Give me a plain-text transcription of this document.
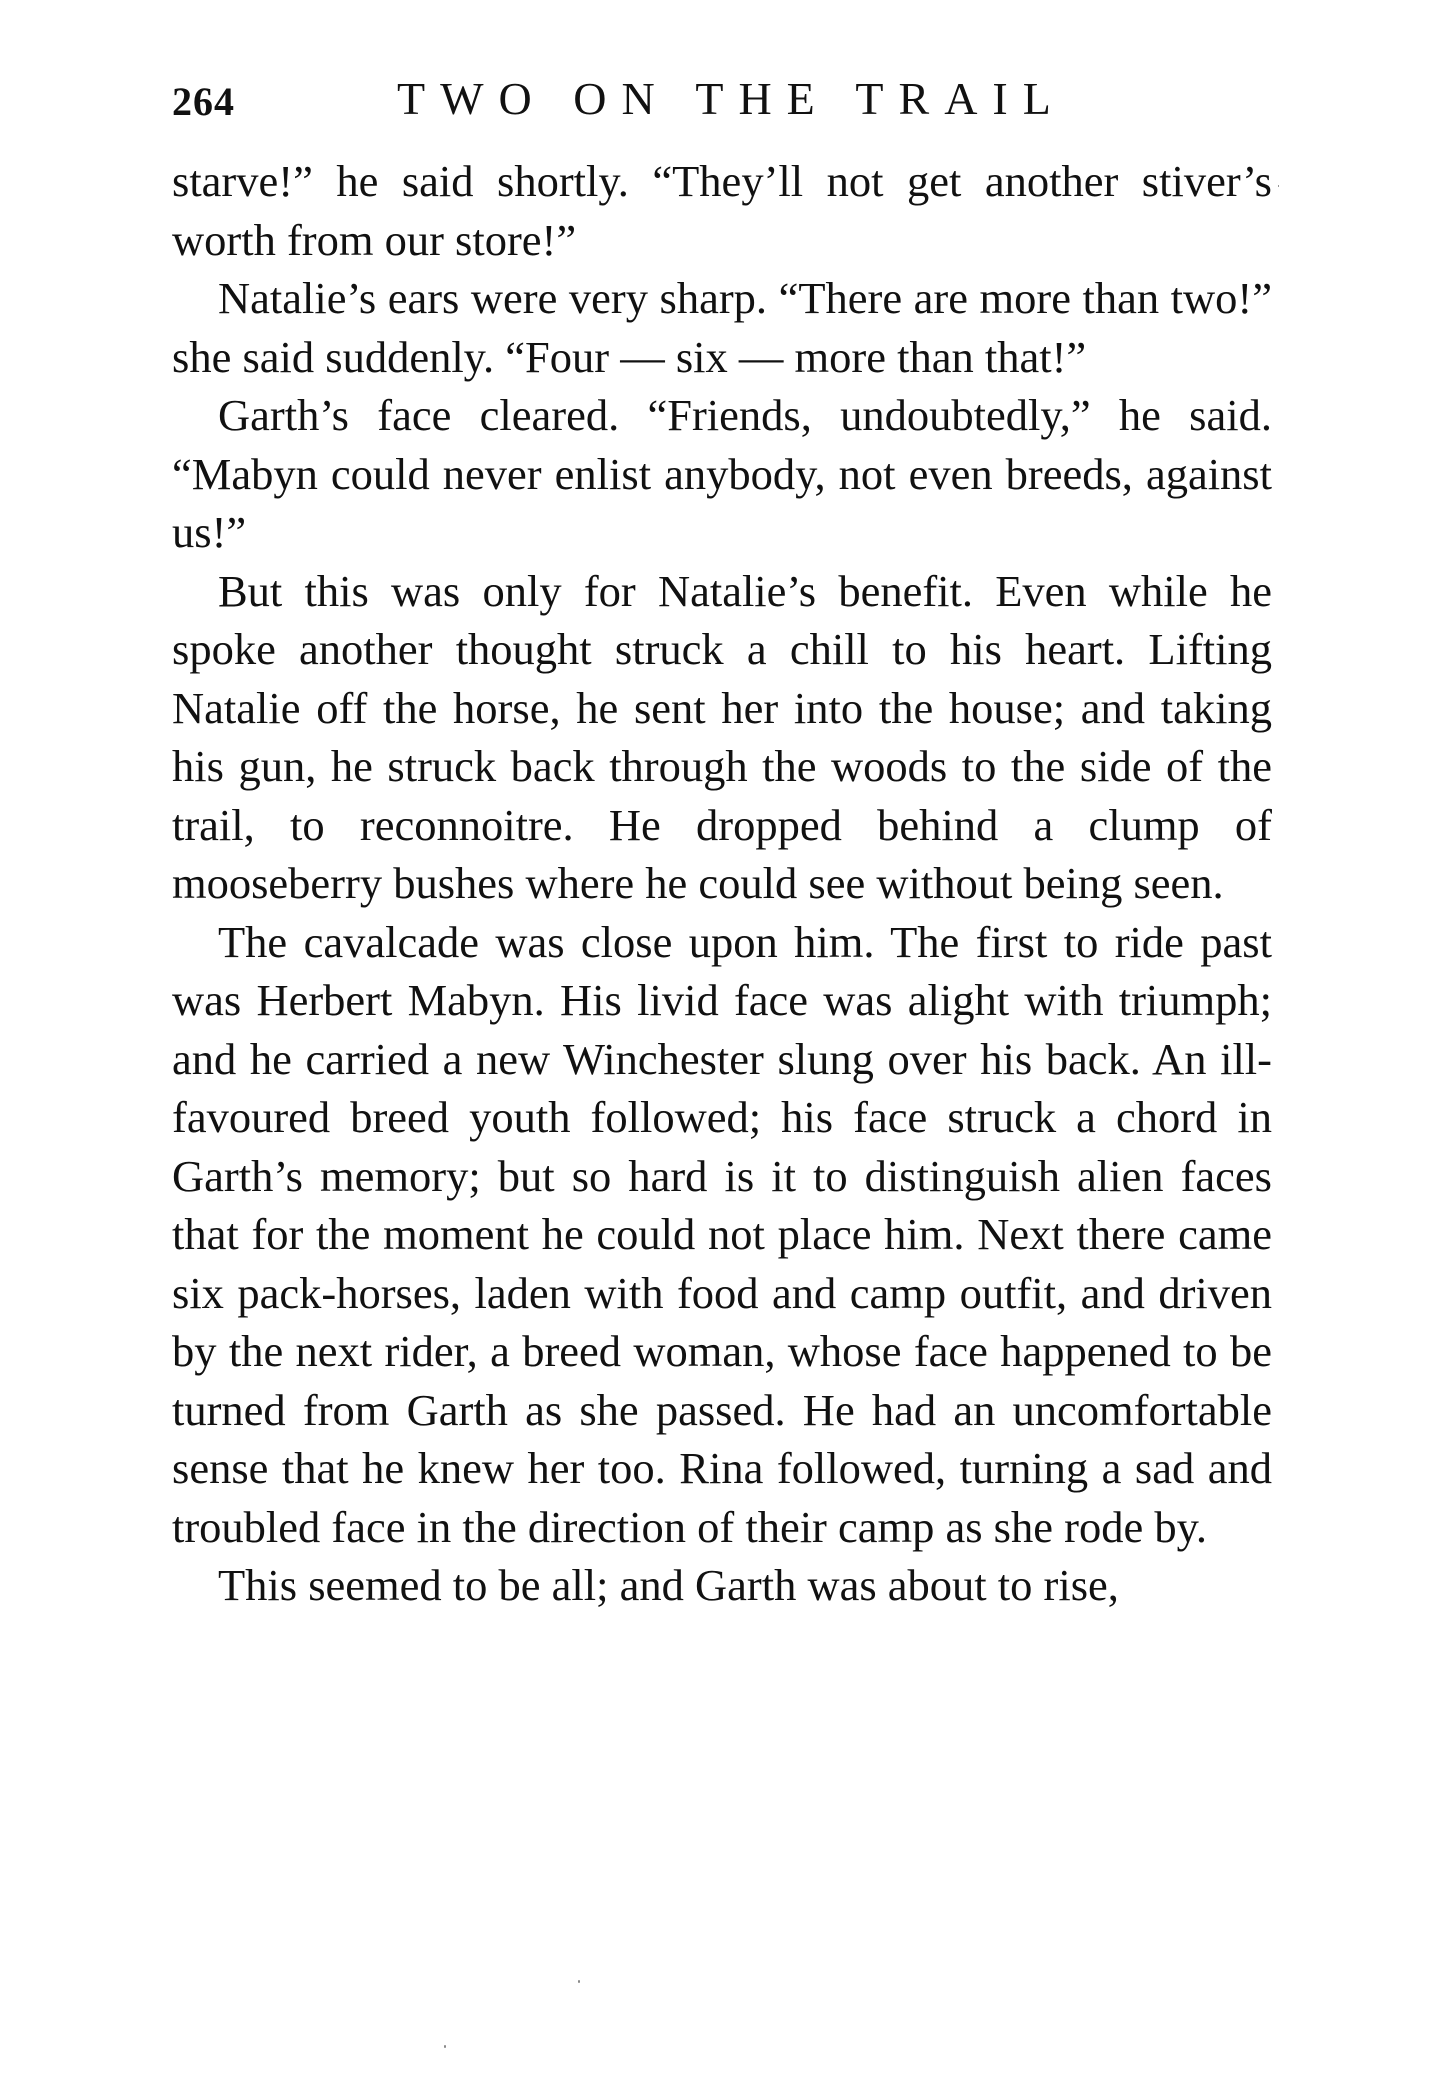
264	TWO ON THE TRAIL

starve!” he said shortly. “They’ll not get another stiver’s worth from our store!”

Natalie’s ears were very sharp. “There are more than two!” she said suddenly. “Four — six — more than that!”

Garth’s face cleared. “Friends, undoubtedly,” he said. “Mabyn could never enlist anybody, not even breeds, against us!”

But this was only for Natalie’s benefit. Even while he spoke another thought struck a chill to his heart. Lifting Natalie off the horse, he sent her into the house; and taking his gun, he struck back through the woods to the side of the trail, to reconnoitre. He dropped behind a clump of mooseberry bushes where he could see without being seen.

The cavalcade was close upon him. The first to ride past was Herbert Mabyn. His livid face was alight with triumph; and he carried a new Winchester slung over his back. An ill-favoured breed youth followed; his face struck a chord in Garth’s memory; but so hard is it to distinguish alien faces that for the moment he could not place him. Next there came six pack-horses, laden with food and camp outfit, and driven by the next rider, a breed woman, whose face happened to be turned from Garth as she passed. He had an uncomfortable sense that he knew her too. Rina followed, turning a sad and troubled face in the direction of their camp as she rode by.

This seemed to be all; and Garth was about to rise,
